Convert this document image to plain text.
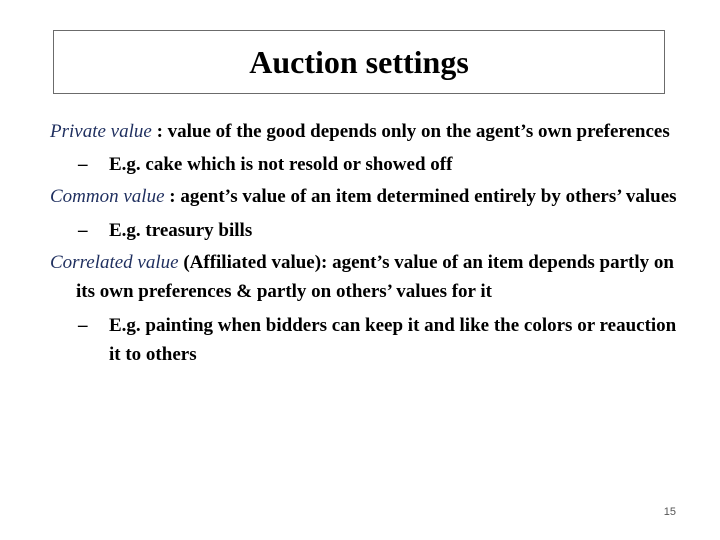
Auction settings

Private value : value of the good depends only on the agent’s own preferences

– E.g. cake which is not resold or showed off

Common value : agent’s value of an item determined entirely by others’ values

– E.g. treasury bills

Correlated value (Affiliated value): agent’s value of an item depends partly on its own preferences & partly on others’ values for it

– E.g. painting when bidders can keep it and like the colors or reauction it to others

15
